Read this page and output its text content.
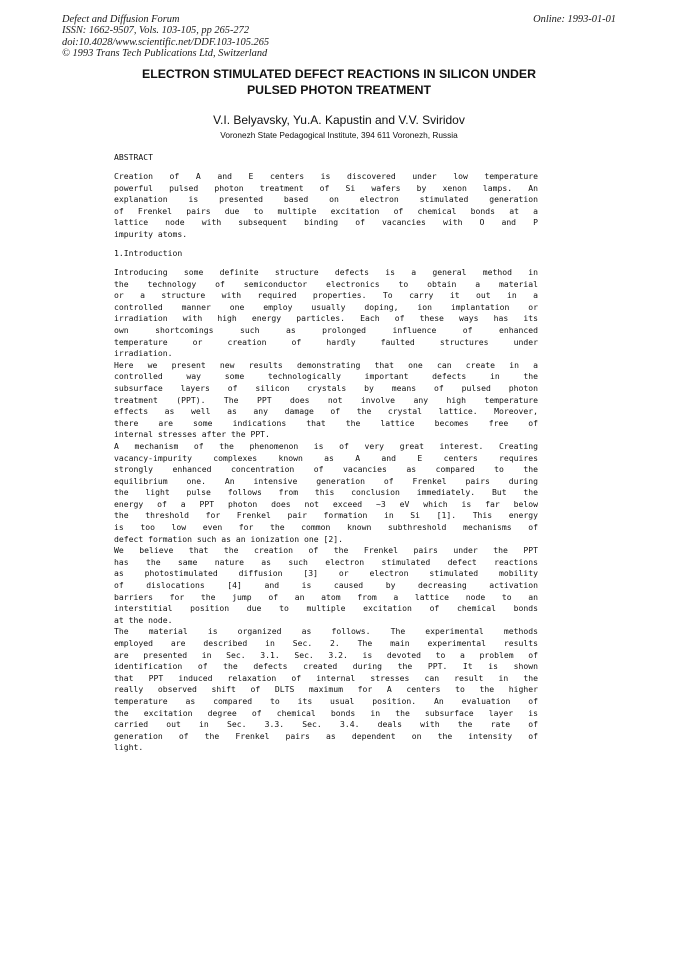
Defect and Diffusion Forum
ISSN: 1662-9507, Vols. 103-105, pp 265-272
doi:10.4028/www.scientific.net/DDF.103-105.265
© 1993 Trans Tech Publications Ltd, Switzerland
Online: 1993-01-01
ELECTRON STIMULATED DEFECT REACTIONS IN SILICON UNDER
PULSED PHOTON TREATMENT
V.I. Belyavsky, Yu.A. Kapustin and V.V. Sviridov
Voronezh State Pedagogical Institute, 394 611 Voronezh, Russia
ABSTRACT
Creation of A and E centers is discovered under low temperature
powerful pulsed photon treatment of Si wafers by xenon lamps. An
explanation is presented based on electron stimulated generation
of Frenkel pairs due to multiple excitation of chemical bonds at a
lattice node with subsequent binding of vacancies with O and P
impurity atoms.
1.Introduction
Introducing some definite structure defects is a general method in
the technology of semiconductor electronics to obtain a material
or a structure with required properties. To carry it out in a
controlled manner one employ usually doping, ion implantation or
irradiation with high energy particles. Each of these ways has its
own shortcomings such as prolonged influence of enhanced
temperature or creation of hardly faulted structures under
irradiation.
Here we present new results demonstrating that one can create in a
controlled way some technologically important defects in the
subsurface layers of silicon crystals by means of pulsed photon
treatment (PPT). The PPT does not involve any high temperature
effects as well as any damage of the crystal lattice. Moreover,
there are some indications that the lattice becomes free of
internal stresses after the PPT.
A mechanism of the phenomenon is of very great interest. Creating
vacancy-impurity complexes known as A and E centers requires
strongly enhanced concentration of vacancies as compared to the
equilibrium one. An intensive generation of Frenkel pairs during
the light pulse follows from this conclusion immediately. But the
energy of a PPT photon does not exceed ~3 eV which is far below
the threshold for Frenkel pair formation in Si [1]. This energy
is too low even for the common known subthreshold mechanisms of
defect formation such as an ionization one [2].
We believe that the creation of the Frenkel pairs under the PPT
has the same nature as such electron stimulated defect reactions
as photostimulated diffusion [3] or electron stimulated mobility
of dislocations [4] and is caused by decreasing activation
barriers for the jump of an atom from a lattice node to an
interstitial position due to multiple excitation of chemical bonds
at the node.
The material is organized as follows. The experimental methods
employed are described in Sec. 2. The main experimental results
are presented in Sec. 3.1. Sec. 3.2. is devoted to a problem of
identification of the defects created during the PPT. It is shown
that PPT induced relaxation of internal stresses can result in the
really observed shift of DLTS maximum for A centers to the higher
temperature as compared to its usual position. An evaluation of
the excitation degree of chemical bonds in the subsurface layer is
carried out in Sec. 3.3. Sec. 3.4. deals with the rate of
generation of the Frenkel pairs as dependent on the intensity of
light.
